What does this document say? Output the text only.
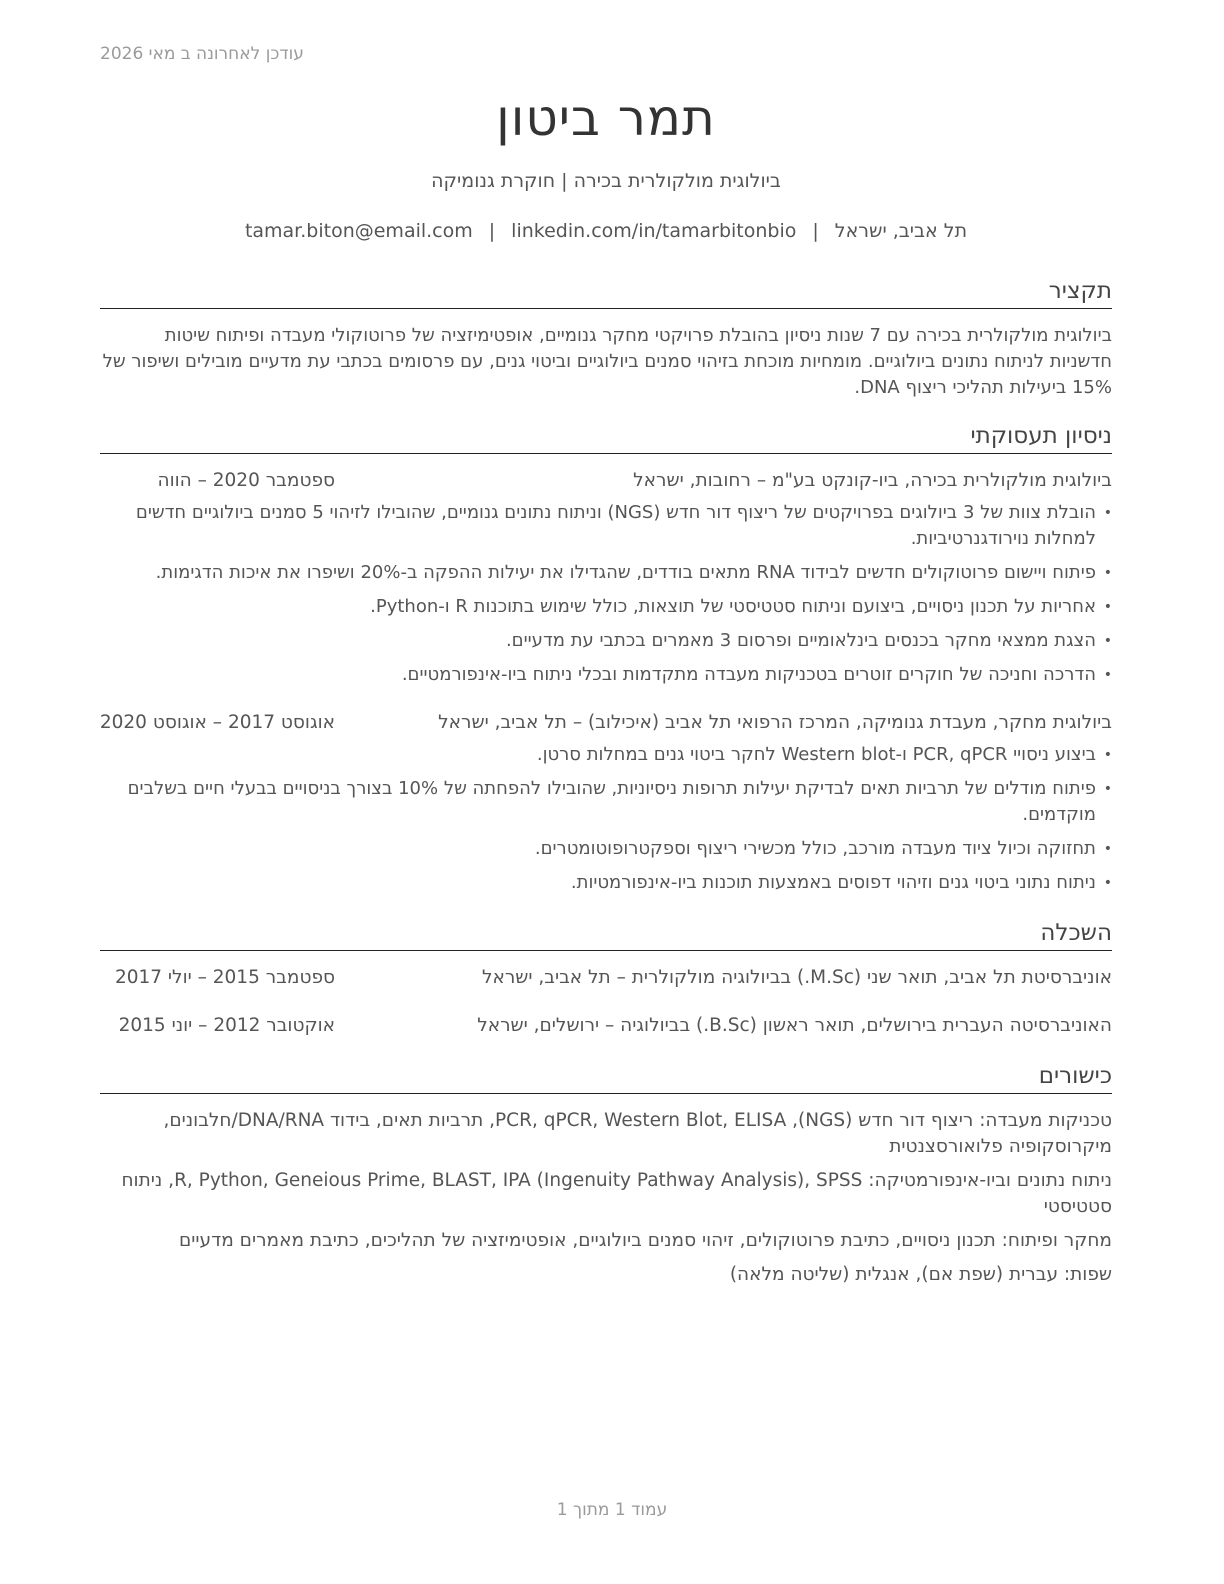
עודכן לאחרונה ב מאי 2026
תמר ביטון
ביולוגית מולקולרית בכירה | חוקרת גנומיקה
תל אביב, ישראל|tamar.biton@email.com | linkedin.com/in/tamarbitonbio
תקציר
ביולוגית מולקולרית בכירה עם 7 שנות ניסיון בהובלת פרויקטי מחקר גנומיים, אופטימיזציה של פרוטוקולי מעבדה ופיתוח שיטות חדשניות לניתוח נתונים ביולוגיים. מומחיות מוכחת בזיהוי סמנים ביולוגיים וביטוי גנים, עם פרסומים בכתבי עת מדעיים מובילים ושיפור של 15% ביעילות תהליכי ריצוף DNA.
ניסיון תעסוקתי
ביולוגית מולקולרית בכירה, ביו-קונקט בע"מ – רחובות, ישראל
ספטמבר 2020 – הווה
• הובלת צוות של 3 ביולוגים בפרויקטים של ריצוף דור חדש (NGS) וניתוח נתונים גנומיים, שהובילו לזיהוי 5 סמנים ביולוגיים חדשים למחלות נוירודגנרטיביות.
• פיתוח ויישום פרוטוקולים חדשים לבידוד RNA מתאים בודדים, שהגדילו את יעילות ההפקה ב-20% ושיפרו את איכות הדגימות.
• אחריות על תכנון ניסויים, ביצועם וניתוח סטטיסטי של תוצאות, כולל שימוש בתוכנות R ו-Python.
• הצגת ממצאי מחקר בכנסים בינלאומיים ופרסום 3 מאמרים בכתבי עת מדעיים.
• הדרכה וחניכה של חוקרים זוטרים בטכניקות מעבדה מתקדמות ובכלי ניתוח ביו-אינפורמטיים.
ביולוגית מחקר, מעבדת גנומיקה, המרכז הרפואי תל אביב (איכילוב) – תל אביב, ישראל
אוגוסט 2017 – אוגוסט 2020
• ביצוע ניסויי PCR, qPCR ו-Western blot לחקר ביטוי גנים במחלות סרטן.
• פיתוח מודלים של תרביות תאים לבדיקת יעילות תרופות ניסיוניות, שהובילו להפחתה של 10% בצורך בניסויים בבעלי חיים בשלבים מוקדמים.
• תחזוקה וכיול ציוד מעבדה מורכב, כולל מכשירי ריצוף וספקטרופוטומטרים.
• ניתוח נתוני ביטוי גנים וזיהוי דפוסים באמצעות תוכנות ביו-אינפורמטיות.
השכלה
אוניברסיטת תל אביב, תואר שני (M.Sc.) בביולוגיה מולקולרית – תל אביב, ישראל
ספטמבר 2015 – יולי 2017
האוניברסיטה העברית בירושלים, תואר ראשון (B.Sc.) בביולוגיה – ירושלים, ישראל
אוקטובר 2012 – יוני 2015
כישורים
טכניקות מעבדה: ריצוף דור חדש (NGS), PCR, qPCR, Western Blot, ELISA, תרביות תאים, בידוד DNA/RNA/חלבונים, מיקרוסקופיה פלואורסצנטית
ניתוח נתונים וביו-אינפורמטיקה: R, Python, Geneious Prime, BLAST, IPA (Ingenuity Pathway Analysis), SPSS, ניתוח סטטיסטי
מחקר ופיתוח: תכנון ניסויים, כתיבת פרוטוקולים, זיהוי סמנים ביולוגיים, אופטימיזציה של תהליכים, כתיבת מאמרים מדעיים
שפות: עברית (שפת אם), אנגלית (שליטה מלאה)
עמוד 1 מתוך 1
